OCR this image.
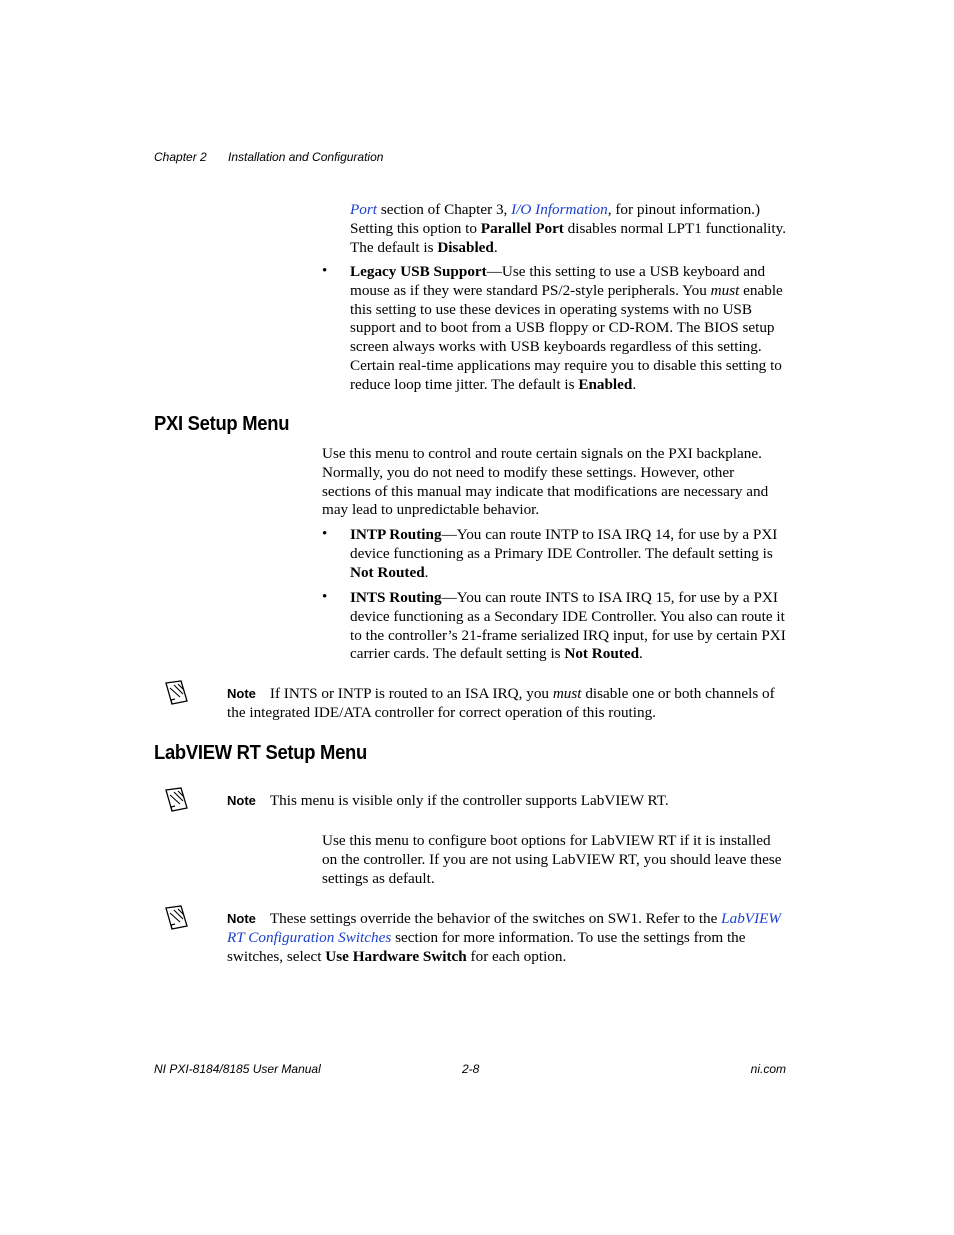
Chapter 2 Installation and Configuration
Port section of Chapter 3, I/O Information, for pinout information.) Setting this option to Parallel Port disables normal LPT1 functionality. The default is Disabled.
• Legacy USB Support—Use this setting to use a USB keyboard and mouse as if they were standard PS/2-style peripherals. You must enable this setting to use these devices in operating systems with no USB support and to boot from a USB floppy or CD-ROM. The BIOS setup screen always works with USB keyboards regardless of this setting. Certain real-time applications may require you to disable this setting to reduce loop time jitter. The default is Enabled.
PXI Setup Menu
Use this menu to control and route certain signals on the PXI backplane. Normally, you do not need to modify these settings. However, other sections of this manual may indicate that modifications are necessary and may lead to unpredictable behavior.
• INTP Routing—You can route INTP to ISA IRQ 14, for use by a PXI device functioning as a Primary IDE Controller. The default setting is Not Routed.
• INTS Routing—You can route INTS to ISA IRQ 15, for use by a PXI device functioning as a Secondary IDE Controller. You also can route it to the controller’s 21-frame serialized IRQ input, for use by certain PXI carrier cards. The default setting is Not Routed.
Note If INTS or INTP is routed to an ISA IRQ, you must disable one or both channels of the integrated IDE/ATA controller for correct operation of this routing.
LabVIEW RT Setup Menu
Note This menu is visible only if the controller supports LabVIEW RT.
Use this menu to configure boot options for LabVIEW RT if it is installed on the controller. If you are not using LabVIEW RT, you should leave these settings as default.
Note These settings override the behavior of the switches on SW1. Refer to the LabVIEW RT Configuration Switches section for more information. To use the settings from the switches, select Use Hardware Switch for each option.
NI PXI-8184/8185 User Manual	2-8	ni.com
